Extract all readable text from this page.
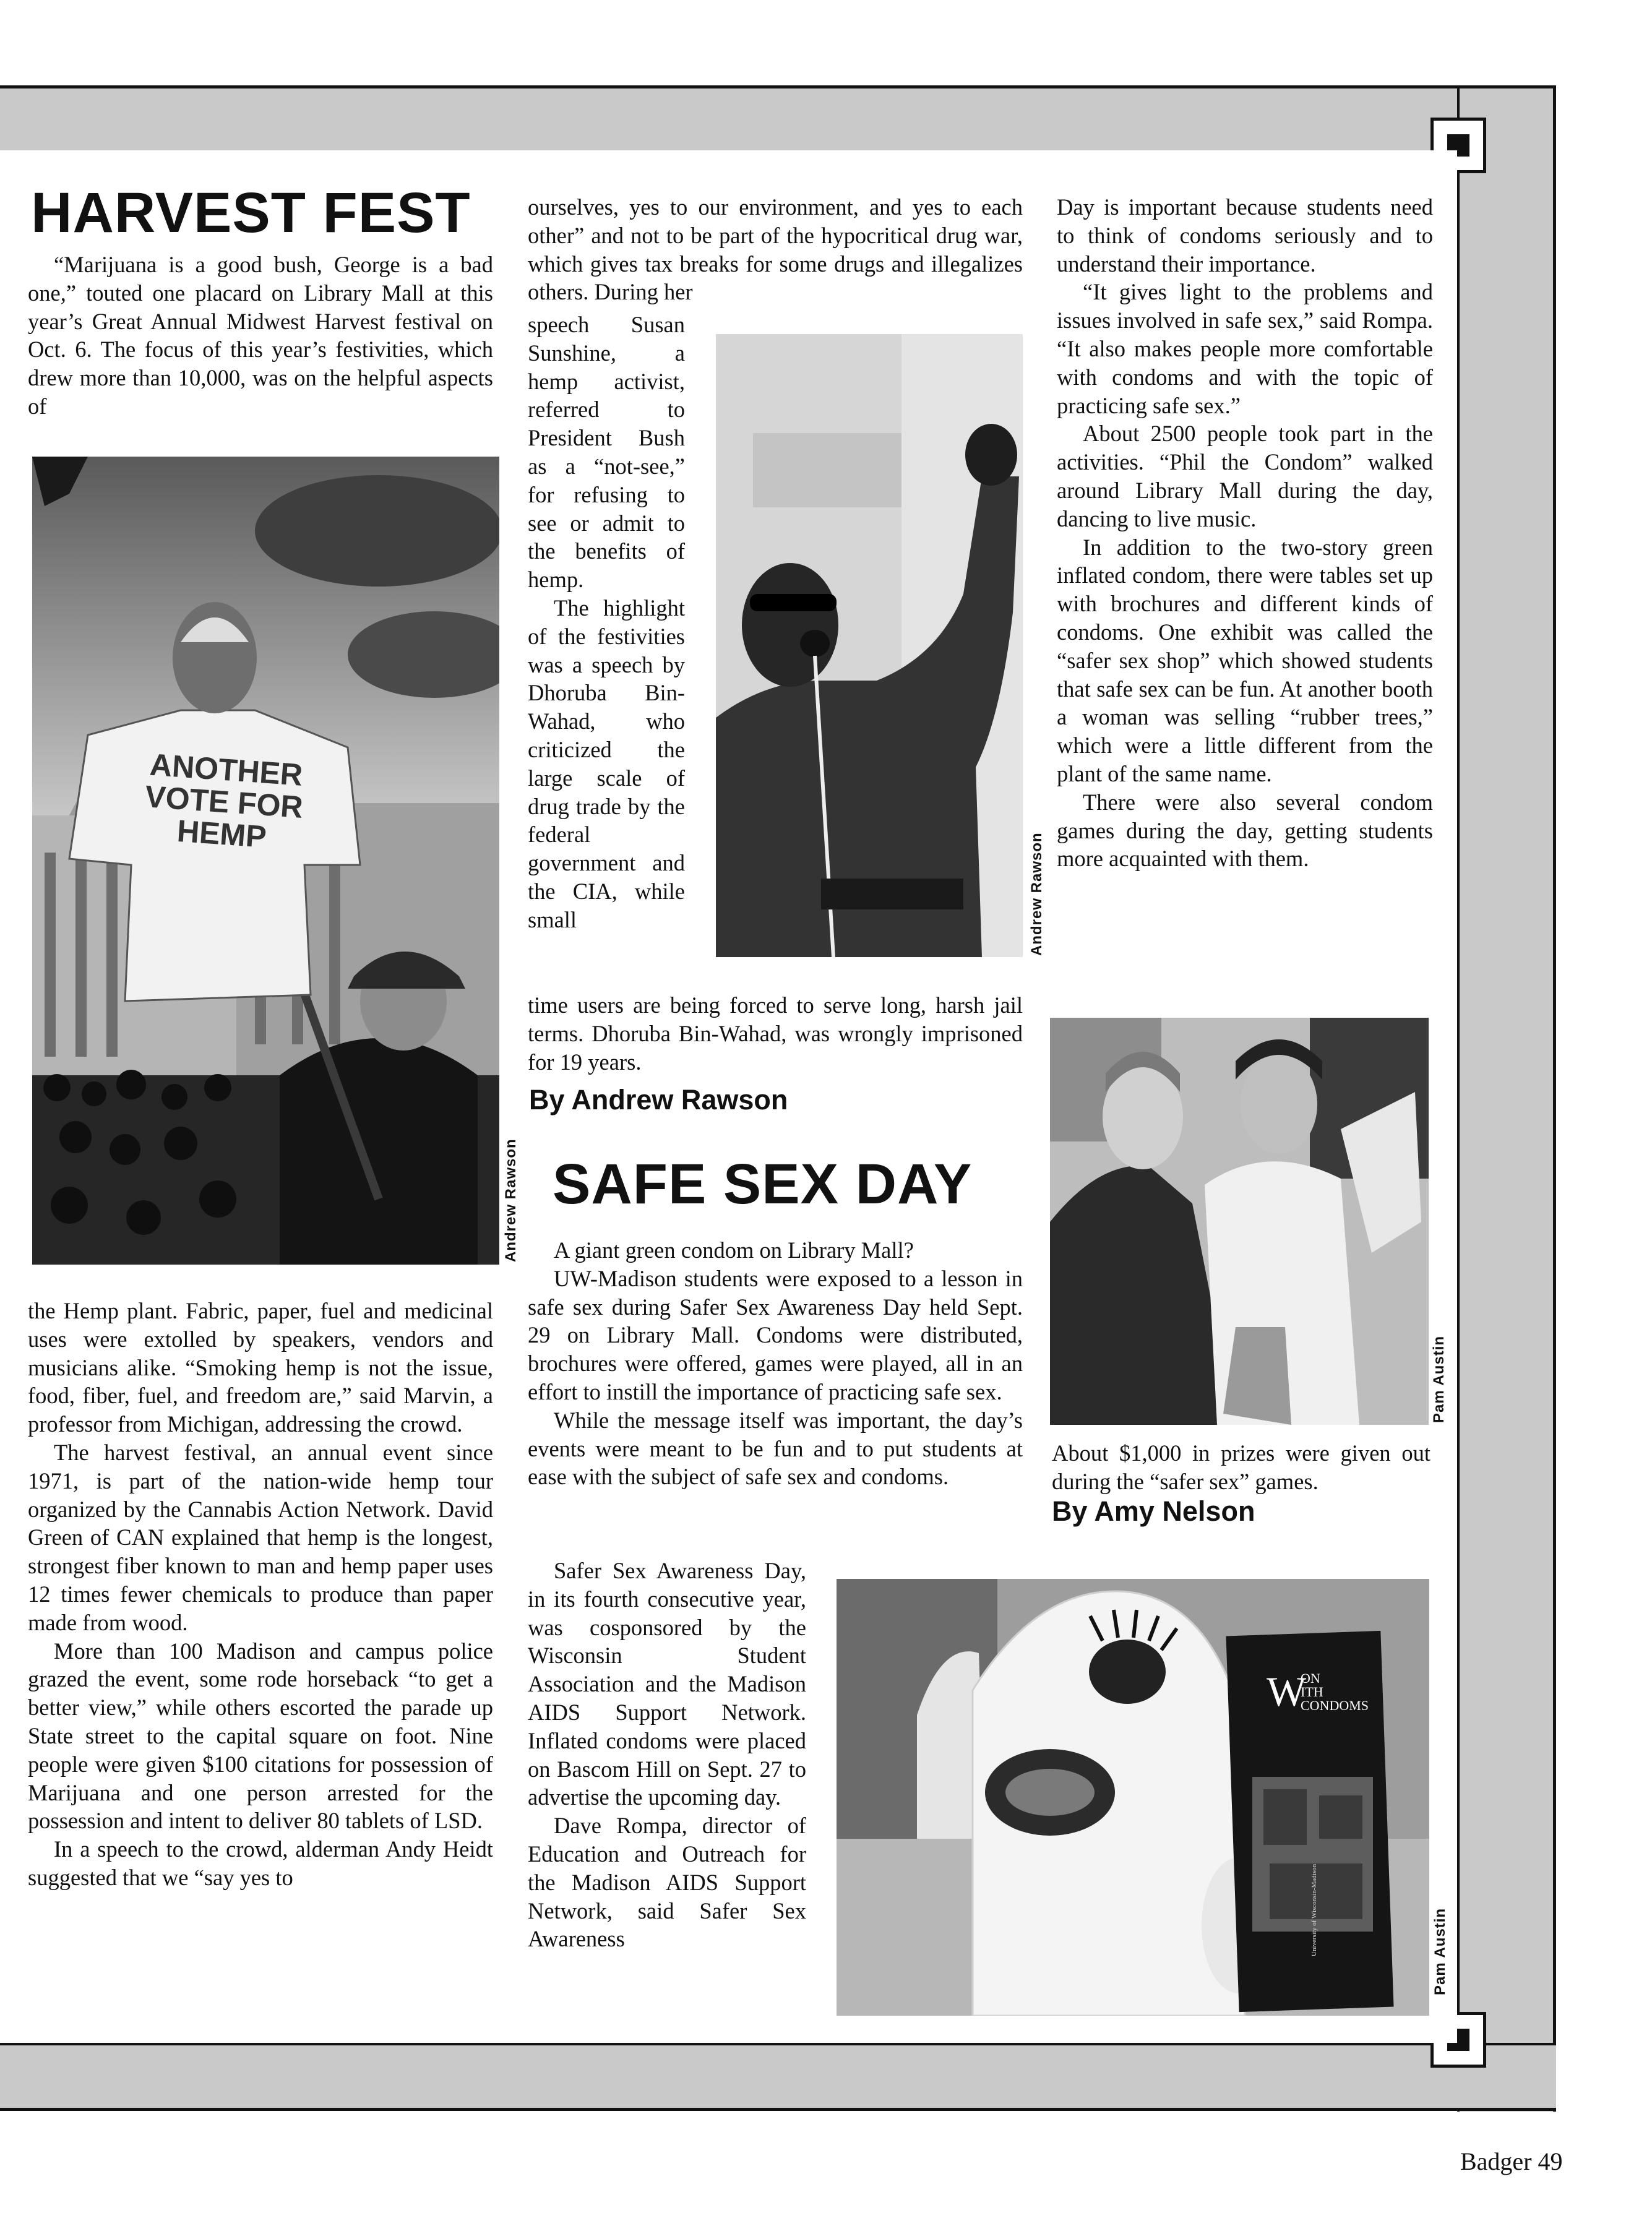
HARVEST FEST

“Marijuana is a good bush, George is a bad one,” touted one placard on Library Mall at this year’s Great Annual Midwest Harvest festival on Oct. 6. The focus of this year’s festivities, which drew more than 10,000, was on the helpful aspects of

ANOTHER VOTE FOR HEMP
Andrew Rawson

the Hemp plant. Fabric, paper, fuel and medicinal uses were extolled by speakers, vendors and musicians alike. “Smoking hemp is not the issue, food, fiber, fuel, and freedom are,” said Marvin, a professor from Michigan, addressing the crowd.

The harvest festival, an annual event since 1971, is part of the nation-wide hemp tour organized by the Cannabis Action Network. David Green of CAN explained that hemp is the longest, strongest fiber known to man and hemp paper uses 12 times fewer chemicals to produce than paper made from wood.

More than 100 Madison and campus police grazed the event, some rode horseback “to get a better view,” while others escorted the parade up State street to the capital square on foot. Nine people were given $100 citations for possession of Marijuana and one person arrested for the possession and intent to deliver 80 tablets of LSD.

In a speech to the crowd, alderman Andy Heidt suggested that we “say yes to

ourselves, yes to our environment, and yes to each other” and not to be part of the hypocritical drug war, which gives tax breaks for some drugs and illegalizes others. During her

speech Susan Sunshine, a hemp activist, referred to President Bush as a “not-see,” for refusing to see or admit to the benefits of hemp.

The highlight of the festivities was a speech by Dhoruba Bin-Wahad, who criticized the large scale of drug trade by the federal government and the CIA, while small	Andrew Rawson

time users are being forced to serve long, harsh jail terms. Dhoruba Bin-Wahad, was wrongly imprisoned for 19 years.

By Andrew Rawson
SAFE SEX DAY

A giant green condom on Library Mall?

UW-Madison students were exposed to a lesson in safe sex during Safer Sex Awareness Day held Sept. 29 on Library Mall. Condoms were distributed, brochures were offered, games were played, all in an effort to instill the importance of practicing safe sex.

While the message itself was important, the day’s events were meant to be fun and to put students at ease with the subject of safe sex and condoms.

Safer Sex Awareness Day, in its fourth consecutive year, was cosponsored by the Wisconsin Student Association and the Madison AIDS Support Network. Inflated condoms were placed on Bascom Hill on Sept. 27 to advertise the upcoming day.

Dave Rompa, director of Education and Outreach for the Madison AIDS Support Network, said Safer Sex Awareness

Day is important because students need to think of condoms seriously and to understand their importance.

“It gives light to the problems and issues involved in safe sex,” said Rompa. “It also makes people more comfortable with condoms and with the topic of practicing safe sex.”

About 2500 people took part in the activities. “Phil the Condom” walked around Library Mall during the day, dancing to live music.

In addition to the two-story green inflated condom, there were tables set up with brochures and different kinds of condoms. One exhibit was called the “safer sex shop” which showed students that safe sex can be fun. At another booth a woman was selling “rubber trees,” which were a little different from the plant of the same name.

There were also several condom games during the day, getting students more acquainted with them.

Pam Austin

About $1,000 in prizes were given out during the “safer sex” games.

By Amy Nelson
W
ON
ITH
CONDOMS
University of Wisconsin-Madison	Pam Austin
Badger 49
